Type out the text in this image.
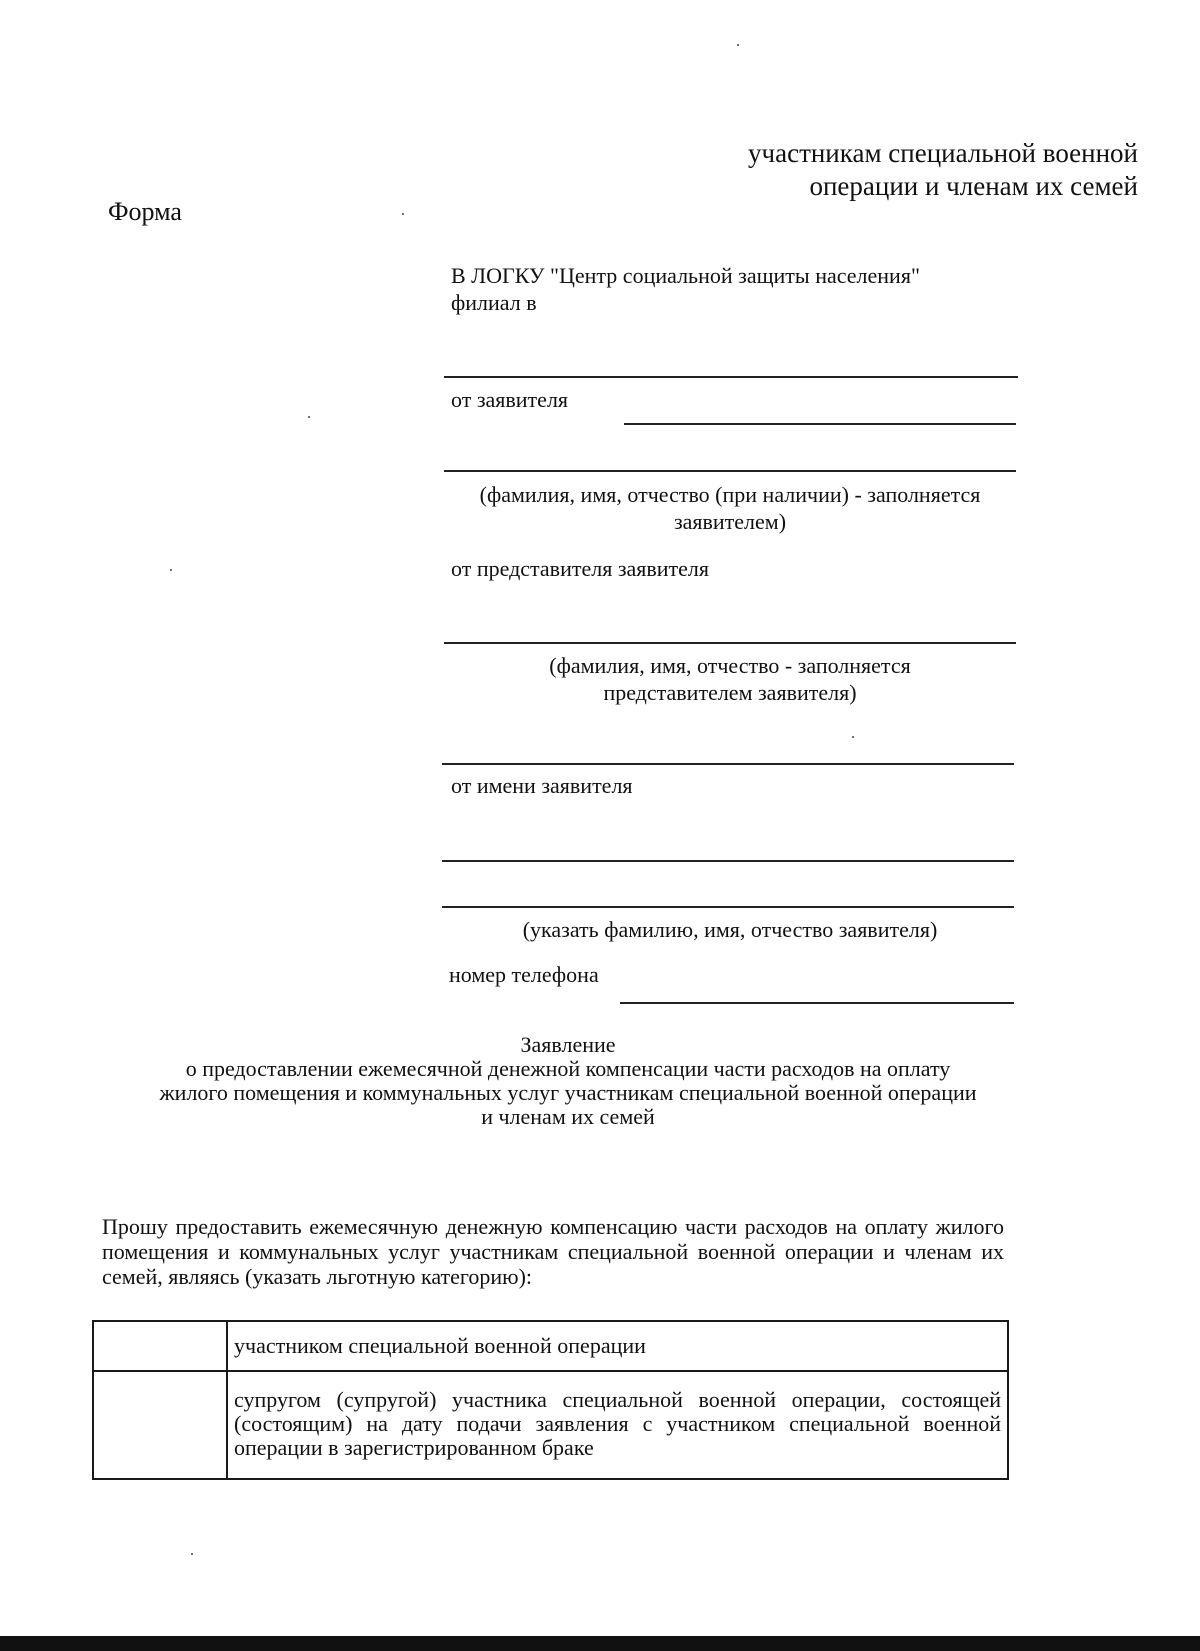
участникам специальной военной
операции и членам их семей
Форма
В ЛОГКУ "Центр социальной защиты населения"
филиал в
от заявителя
(фамилия, имя, отчество (при наличии) - заполняется
заявителем)
от представителя заявителя
(фамилия, имя, отчество - заполняется
представителем заявителя)
от имени заявителя
(указать фамилию, имя, отчество заявителя)
номер телефона
Заявление
о предоставлении ежемесячной денежной компенсации части расходов на оплату
жилого помещения и коммунальных услуг участникам специальной военной операции
и членам их семей
Прошу предоставить ежемесячную денежную компенсацию части расходов на оплату жилого помещения и коммунальных услуг участникам специальной военной операции и членам их семей, являясь (указать льготную категорию):
	участником специальной военной операции
	супругом (супругой) участника специальной военной операции, состоящей (состоящим) на дату подачи заявления с участником специальной военной операции в зарегистрированном браке
